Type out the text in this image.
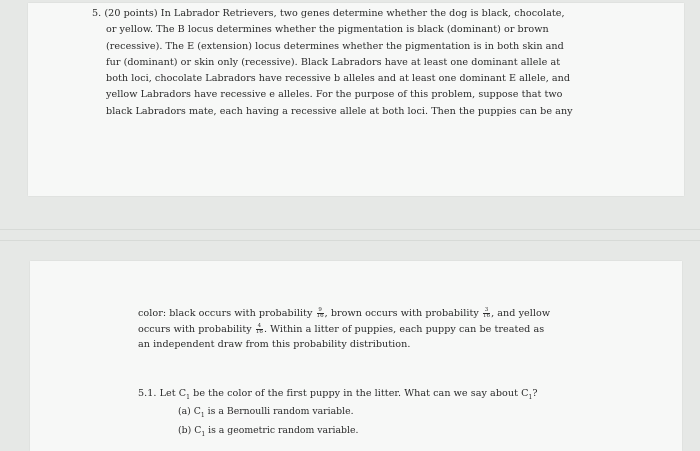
5. (20 points) In Labrador Retrievers, two genes determine whether the dog is black, chocolate, or yellow. The B locus determines whether the pigmentation is black (dominant) or brown (recessive). The E (extension) locus determines whether the pigmentation is in both skin and fur (dominant) or skin only (recessive). Black Labradors have at least one dominant allele at both loci, chocolate Labradors have recessive b alleles and at least one dominant E allele, and yellow Labradors have recessive e alleles. For the purpose of this problem, suppose that two black Labradors mate, each having a recessive allele at both loci. Then the puppies can be any
color: black occurs with probability $\frac{9}{16}$ , brown occurs with probability $\frac{3}{16}$ , and yellow occurs with probability $\frac{4}{16}$ . Within a litter of puppies, each puppy can be treated as an independent draw from this probability distribution.
5.1. Let $C_1$ be the color of the first puppy in the litter. What can we say about $C_1$?
(a) $C_1$ is a Bernoulli random variable.
(b) $C_1$ is a geometric random variable.
